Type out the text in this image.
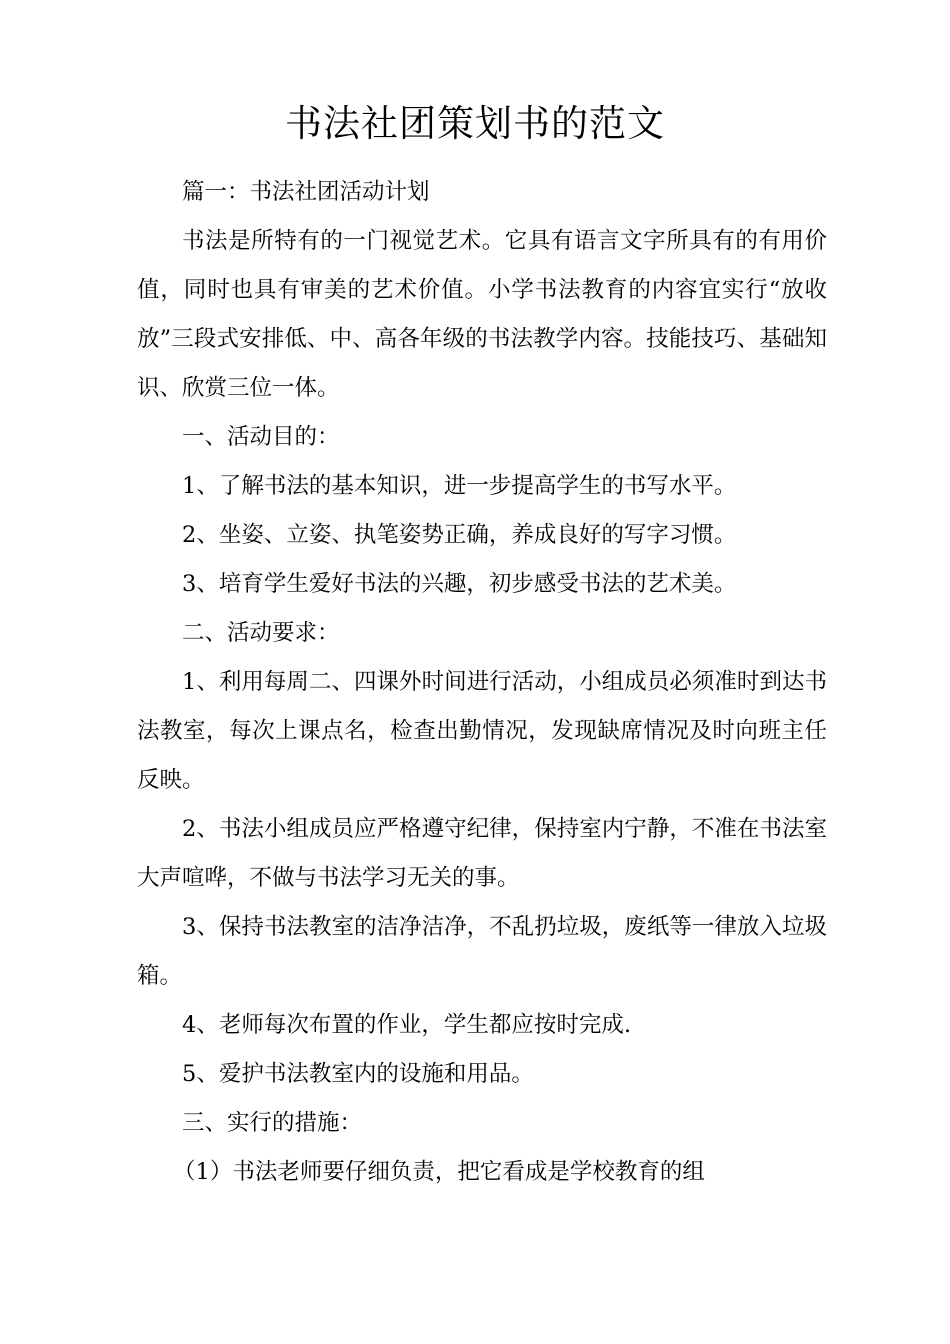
书法社团策划书的范文

篇一：书法社团活动计划

书法是所特有的一门视觉艺术。它具有语言文字所具有的有用价值，同时也具有审美的艺术价值。小学书法教育的内容宜实行“放收放”三段式安排低、中、高各年级的书法教学内容。技能技巧、基础知识、欣赏三位一体。

一、活动目的：

1、了解书法的基本知识，进一步提高学生的书写水平。

2、坐姿、立姿、执笔姿势正确，养成良好的写字习惯。

3、培育学生爱好书法的兴趣，初步感受书法的艺术美。

二、活动要求：

1、利用每周二、四课外时间进行活动，小组成员必须准时到达书法教室，每次上课点名，检查出勤情况，发现缺席情况及时向班主任反映。

2、书法小组成员应严格遵守纪律，保持室内宁静，不准在书法室大声喧哗，不做与书法学习无关的事。

3、保持书法教室的洁净洁净，不乱扔垃圾，废纸等一律放入垃圾箱。

4、老师每次布置的作业，学生都应按时完成.

5、爱护书法教室内的设施和用品。

三、实行的措施：

（1）书法老师要仔细负责，把它看成是学校教育的组
